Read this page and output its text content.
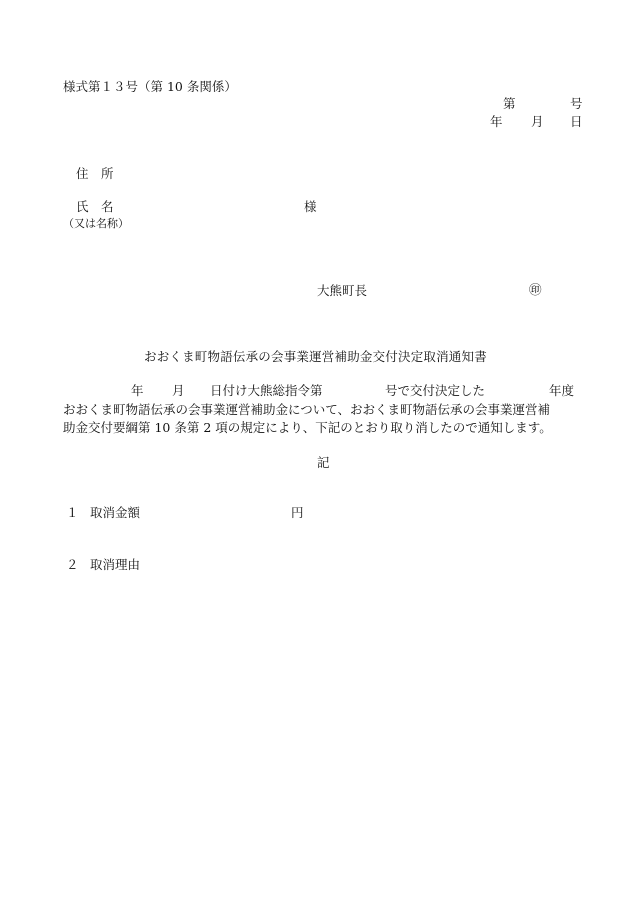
様式第１３号（第 10 条関係）
第	号
年 月 日
住　所
氏　名	様
（又は名称）
大熊町長	㊞
おおくま町物語伝承の会事業運営補助金交付決定取消通知書
年 月 日付け大熊総指令第	号で交付決定した	年度
おおくま町物語伝承の会事業運営補助金について、おおくま町物語伝承の会事業運営補
助金交付要綱第 10 条第 2 項の規定により、下記のとおり取り消したので通知します。
記
１ 取消金額	円
２ 取消理由
